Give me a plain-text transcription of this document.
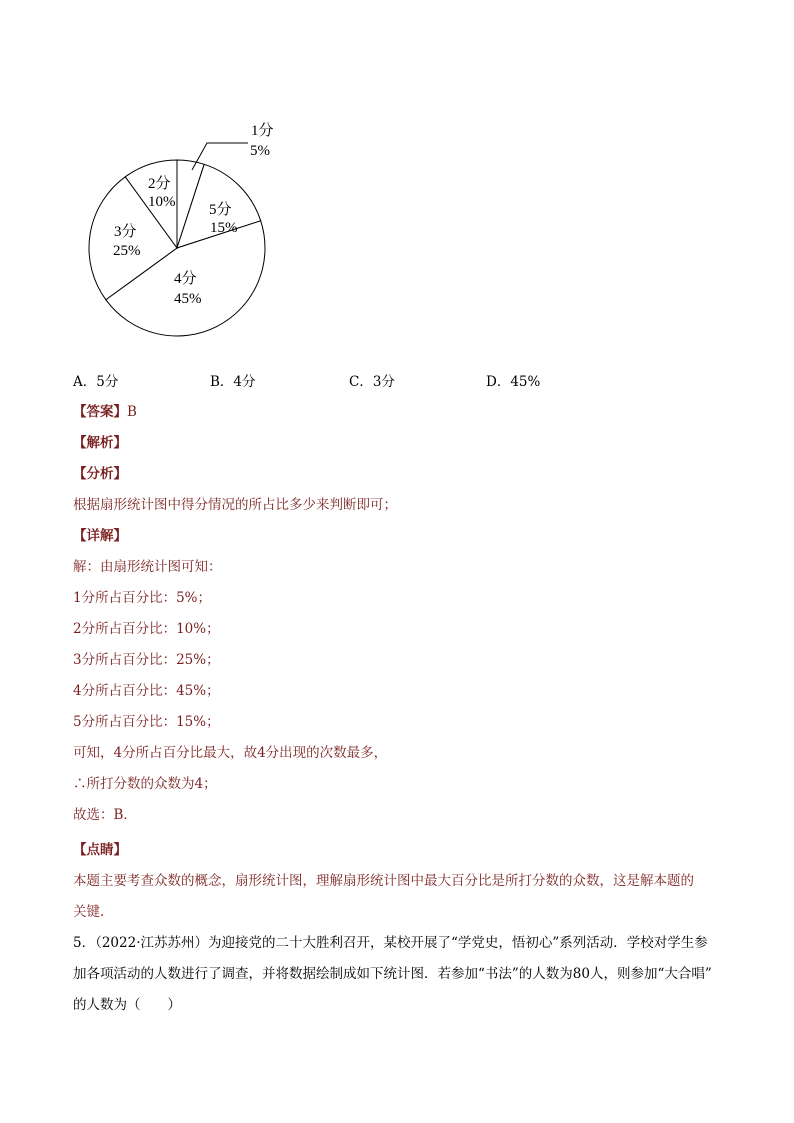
1分
5%
5分
15%
4分
45%
3分
25%
2分
10%
A．5分	B．4分	C．3分	D．45%
【答案】B
【解析】
【分析】
根据扇形统计图中得分情况的所占比多少来判断即可；
【详解】
解：由扇形统计图可知：
1分所占百分比：5%；
2分所占百分比：10%；
3分所占百分比：25%；
4分所占百分比：45%；
5分所占百分比：15%；
可知，4分所占百分比最大，故4分出现的次数最多，
∴所打分数的众数为4；
故选：B．
【点睛】
本题主要考查众数的概念，扇形统计图，理解扇形统计图中最大百分比是所打分数的众数，这是解本题的
关键．
5．（2022·江苏苏州）为迎接党的二十大胜利召开，某校开展了“学党史，悟初心”系列活动．学校对学生参
加各项活动的人数进行了调查，并将数据绘制成如下统计图．若参加“书法”的人数为80人，则参加“大合唱”
的人数为（　　）
